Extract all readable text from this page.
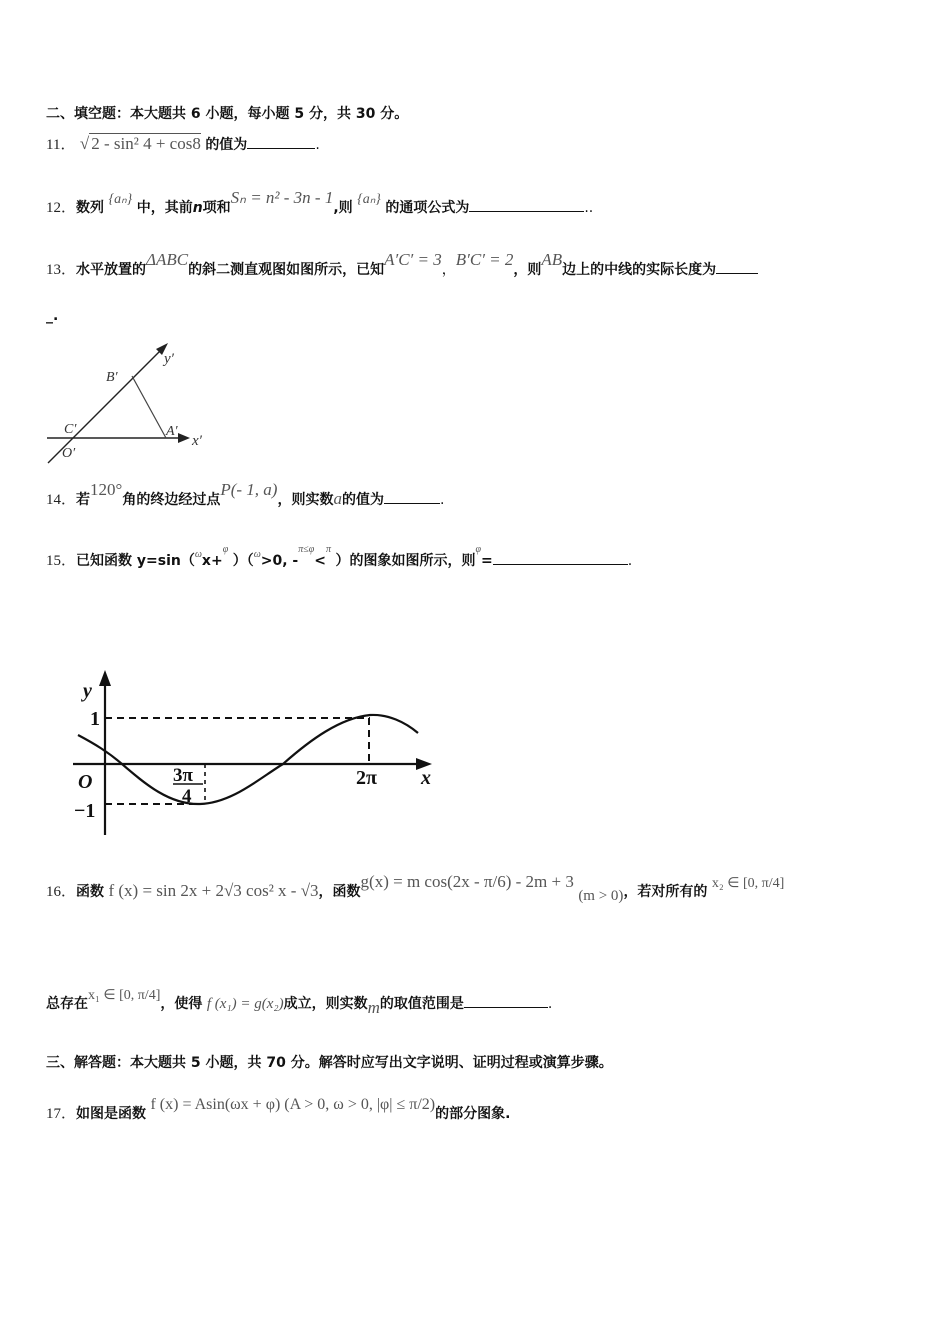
二、填空题：本大题共 6 小题，每小题 5 分，共 30 分。
11． √ 2 - sin² 4 + cos8 的值为	.
12．数列 {aₙ} 中，其前n项和Sₙ = n² - 3n - 1,则 {aₙ} 的通项公式为	..
13．水平放置的ΔABC的斜二测直观图如图所示，已知A′C′ = 3，B′C′ = 2，则AB边上的中线的实际长度为
_.
y′
x′
B′
C′	A′
O′
14．若120°角的终边经过点P(- 1, a)，则实数a的值为	.
15．已知函数 y=sin（$^\omega$x+$^\varphi$ ）（$^\omega$>0, -$^{\pi\le\varphi}$<$^\pi$ ）的图象如图所示，则$^\varphi$=	.
y
x
O
1
−1
3π
4
2π
16．函数 f (x) = sin 2x + 2√3 cos² x - √3，函数g(x) = m cos(2x - π/6) - 2m + 3 (m > 0)，若对所有的 x₂ ∈ [0, π/4]
总存在x₁ ∈ [0, π/4]，使得 f (x₁) = g(x₂)成立，则实数m的取值范围是	.
三、解答题：本大题共 5 小题，共 70 分。解答时应写出文字说明、证明过程或演算步骤。
17．如图是函数 f (x) = Asin(ωx + φ) (A > 0, ω > 0, |φ| ≤ π/2)的部分图象.
